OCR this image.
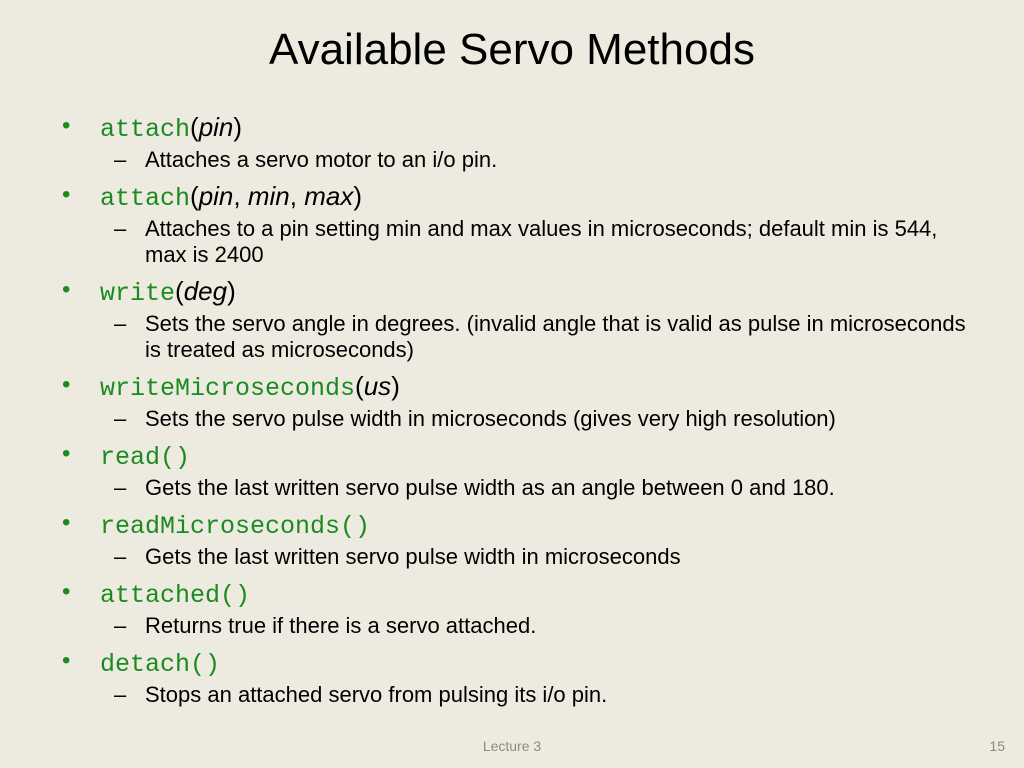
Available Servo Methods
•	attach(pin)
– Attaches a servo motor to an i/o pin.
•	attach(pin, min, max)
– Attaches to a pin setting min and max values in microseconds; default min is 544, max is 2400
•	write(deg)
– Sets the servo angle in degrees. (invalid angle that is valid as pulse in microseconds is treated as microseconds)
•	writeMicroseconds(us)
– Sets the servo pulse width in microseconds (gives very high resolution)
•	read()
– Gets the last written servo pulse width as an angle between 0 and 180.
•	readMicroseconds()
– Gets the last written servo pulse width in microseconds
•	attached()
– Returns true if there is a servo attached.
•	detach()
– Stops an attached servo from pulsing its i/o pin.
Lecture 3	15
